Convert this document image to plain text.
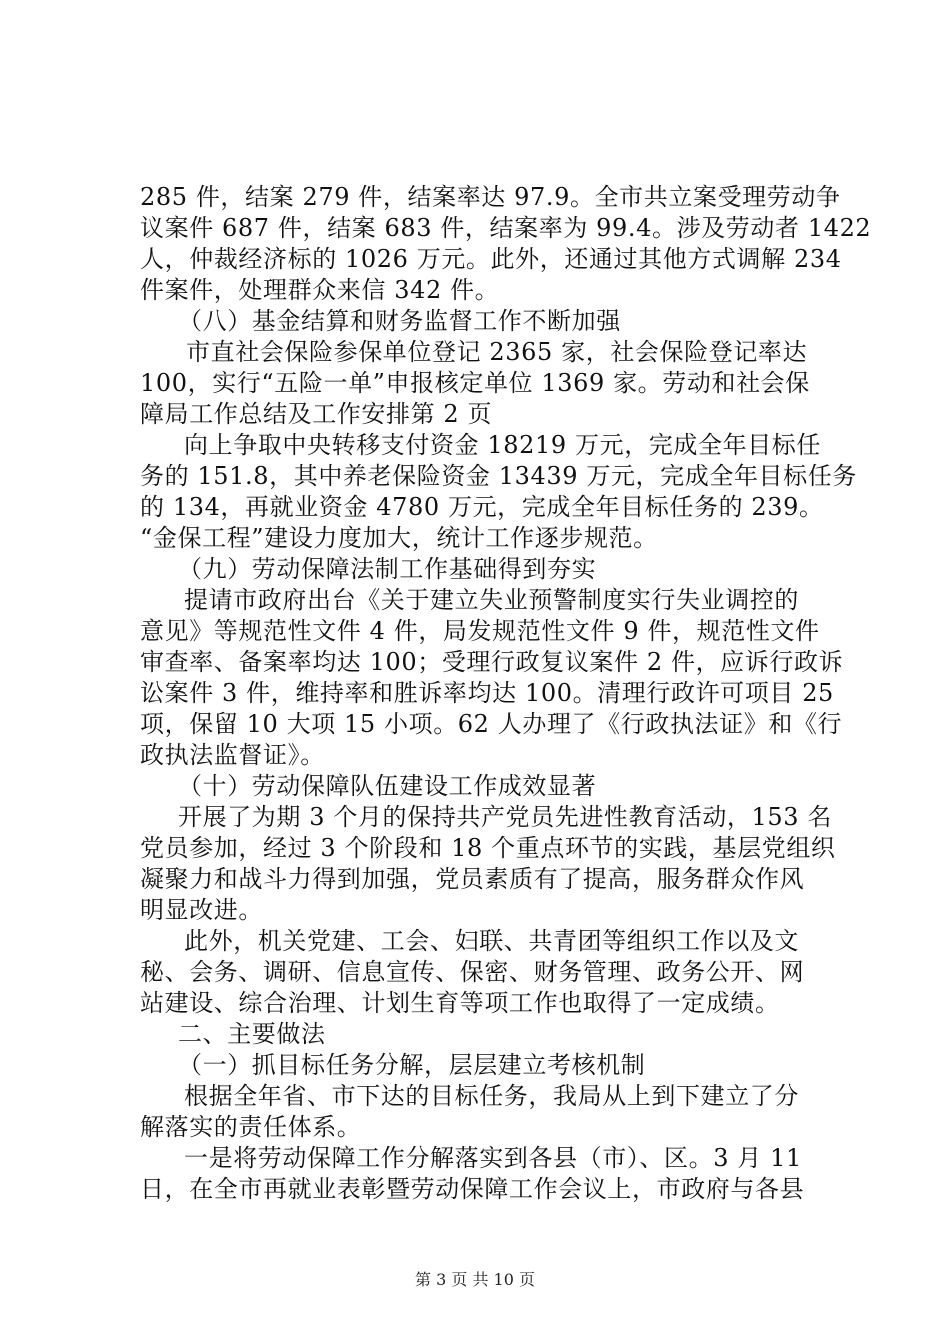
285 件，结案 279 件，结案率达 97.9。全市共立案受理劳动争
议案件 687 件，结案 683 件，结案率为 99.4。涉及劳动者 1422
人，仲裁经济标的 1026 万元。此外，还通过其他方式调解 234
件案件，处理群众来信 342 件。
（八）基金结算和财务监督工作不断加强
市直社会保险参保单位登记 2365 家，社会保险登记率达
100，实行“五险一单”申报核定单位 1369 家。劳动和社会保
障局工作总结及工作安排第 2 页
向上争取中央转移支付资金 18219 万元，完成全年目标任
务的 151.8，其中养老保险资金 13439 万元，完成全年目标任务
的 134，再就业资金 4780 万元，完成全年目标任务的 239。
“金保工程”建设力度加大，统计工作逐步规范。
（九）劳动保障法制工作基础得到夯实
提请市政府出台《关于建立失业预警制度实行失业调控的
意见》等规范性文件 4 件，局发规范性文件 9 件，规范性文件
审查率、备案率均达 100；受理行政复议案件 2 件，应诉行政诉
讼案件 3 件，维持率和胜诉率均达 100。清理行政许可项目 25
项，保留 10 大项 15 小项。62 人办理了《行政执法证》和《行
政执法监督证》。
（十）劳动保障队伍建设工作成效显著
开展了为期 3 个月的保持共产党员先进性教育活动，153 名
党员参加，经过 3 个阶段和 18 个重点环节的实践，基层党组织
凝聚力和战斗力得到加强，党员素质有了提高，服务群众作风
明显改进。
此外，机关党建、工会、妇联、共青团等组织工作以及文
秘、会务、调研、信息宣传、保密、财务管理、政务公开、网
站建设、综合治理、计划生育等项工作也取得了一定成绩。
二、主要做法
（一）抓目标任务分解，层层建立考核机制
根据全年省、市下达的目标任务，我局从上到下建立了分
解落实的责任体系。
一是将劳动保障工作分解落实到各县（市）、区。3 月 11
日，在全市再就业表彰暨劳动保障工作会议上，市政府与各县
第 3 页 共 10 页
